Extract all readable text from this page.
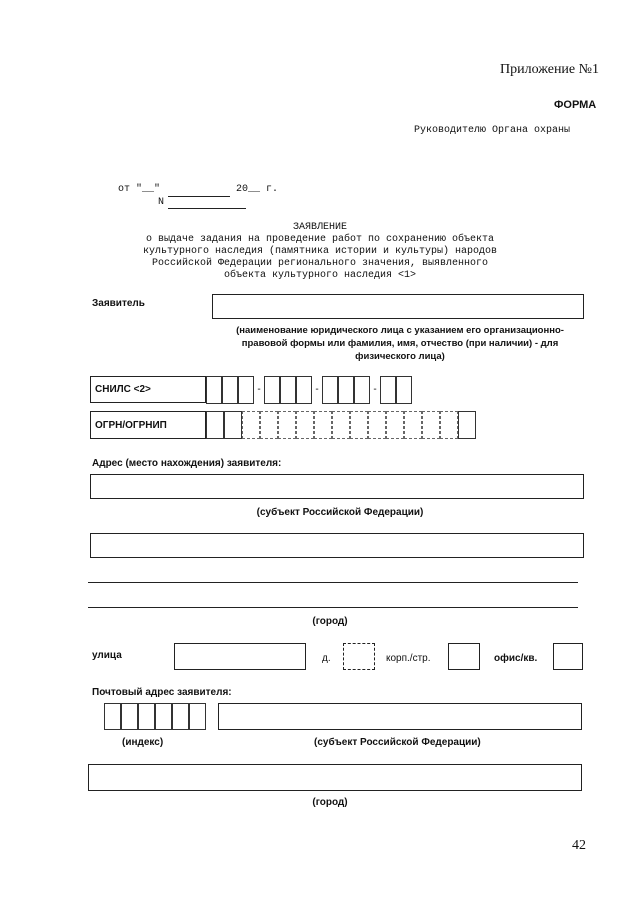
Приложение №1
ФОРМА
Руководителю Органа охраны
от "__"	20__ г.
N
ЗАЯВЛЕНИЕ
о выдаче задания на проведение работ по сохранению объекта
культурного наследия (памятника истории и культуры) народов
Российской Федерации регионального значения, выявленного
объекта культурного наследия <1>
Заявитель
(наименование юридического лица с указанием его организационно-
правовой формы или фамилия, имя, отчество (при наличии) - для
физического лица)
СНИЛС <2>	-	-	-
ОГРН/ОГРНИП
Адрес (место нахождения) заявителя:
(субъект Российской Федерации)
(город)
улица	д.	корп./стр.	офис/кв.
Почтовый адрес заявителя:
(индекс)	(субъект Российской Федерации)
(город)
42
